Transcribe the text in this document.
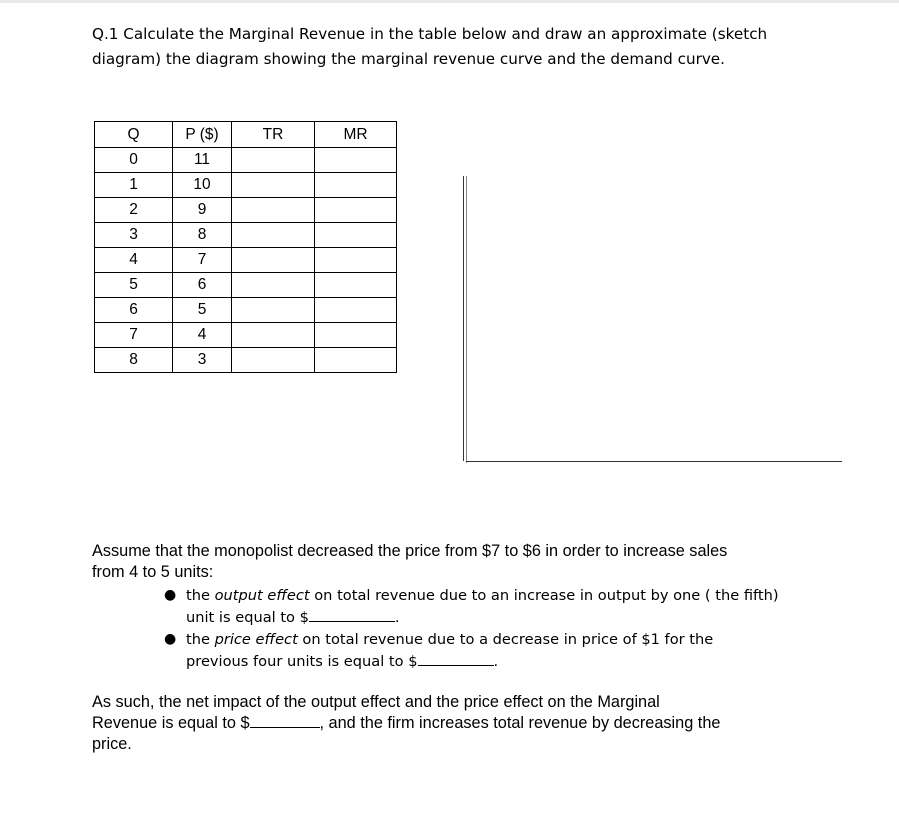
Q.1 Calculate the Marginal Revenue in the table below and draw an approximate (sketch
diagram) the diagram showing the marginal revenue curve and the demand curve.
Q	P ($)	TR	MR
0	11		
1	10		
2	9		
3	8		
4	7		
5	6		
6	5		
7	4		
8	3		
Assume that the monopolist decreased the price from $7 to $6 in order to increase sales
from 4 to 5 units:
● the output effect on total revenue due to an increase in output by one ( the fifth)
unit is equal to $	.
● the price effect on total revenue due to a decrease in price of $1 for the
previous four units is equal to $	.
As such, the net impact of the output effect and the price effect on the Marginal
Revenue is equal to $	, and the firm increases total revenue by decreasing the
price.
